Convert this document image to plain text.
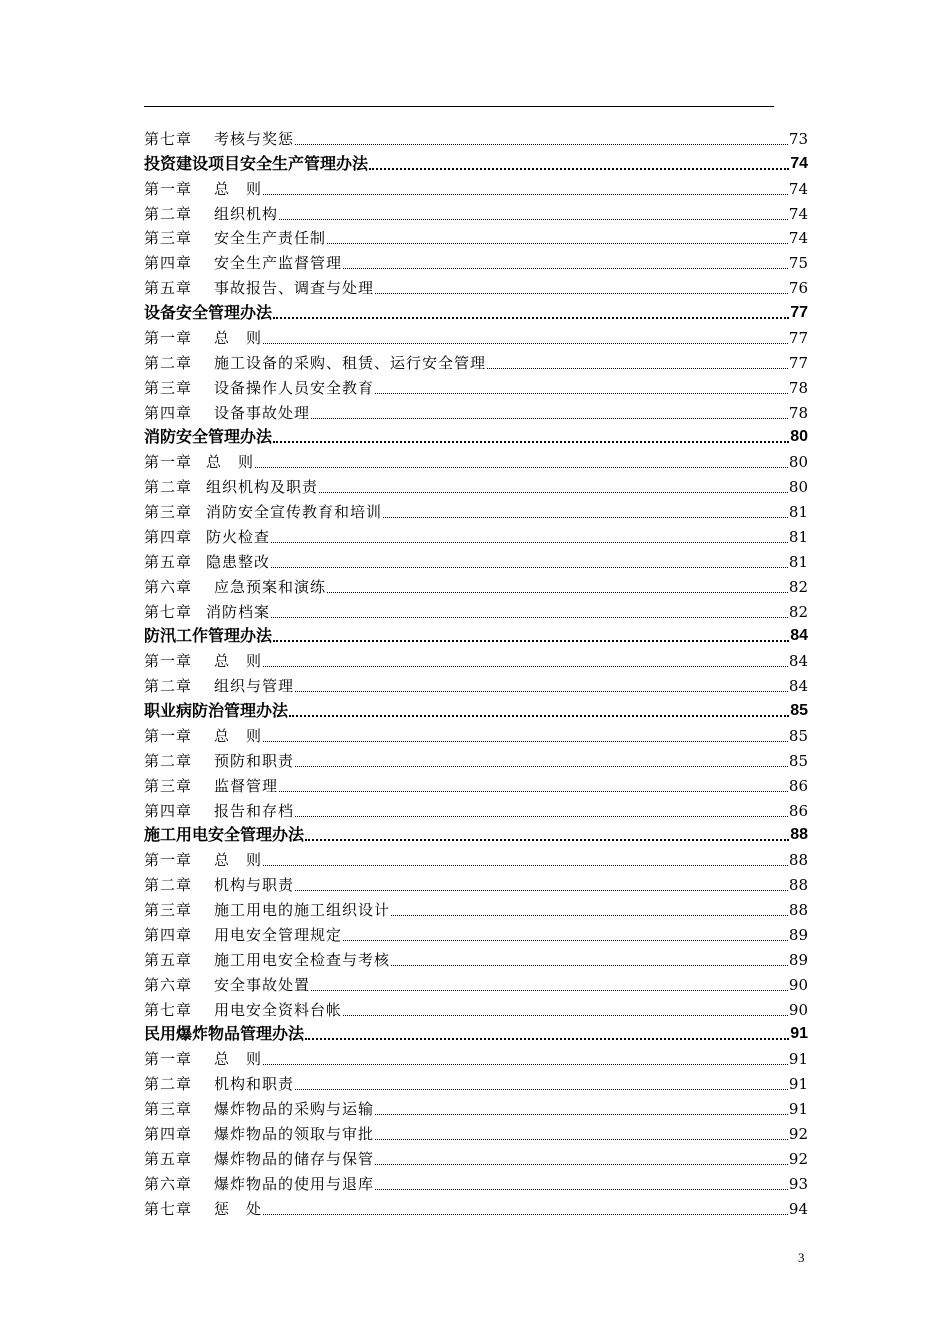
第七章 考核与奖惩	73
投资建设项目安全生产管理办法	74
第一章 总　则	74
第二章 组织机构	74
第三章 安全生产责任制	74
第四章 安全生产监督管理	75
第五章 事故报告、调查与处理	76
设备安全管理办法	77
第一章 总　则	77
第二章 施工设备的采购、租赁、运行安全管理	77
第三章 设备操作人员安全教育	78
第四章 设备事故处理	78
消防安全管理办法	80
第一章 总　则	80
第二章 组织机构及职责	80
第三章 消防安全宣传教育和培训	81
第四章 防火检查	81
第五章 隐患整改	81
第六章 应急预案和演练	82
第七章 消防档案	82
防汛工作管理办法	84
第一章 总　则	84
第二章 组织与管理	84
职业病防治管理办法	85
第一章 总　则	85
第二章 预防和职责	85
第三章 监督管理	86
第四章 报告和存档	86
施工用电安全管理办法	88
第一章 总　则	88
第二章 机构与职责	88
第三章 施工用电的施工组织设计	88
第四章 用电安全管理规定	89
第五章 施工用电安全检查与考核	89
第六章 安全事故处置	90
第七章 用电安全资料台帐	90
民用爆炸物品管理办法	91
第一章 总　则	91
第二章 机构和职责	91
第三章 爆炸物品的采购与运输	91
第四章 爆炸物品的领取与审批	92
第五章 爆炸物品的储存与保管	92
第六章 爆炸物品的使用与退库	93
第七章 惩　处	94
3
